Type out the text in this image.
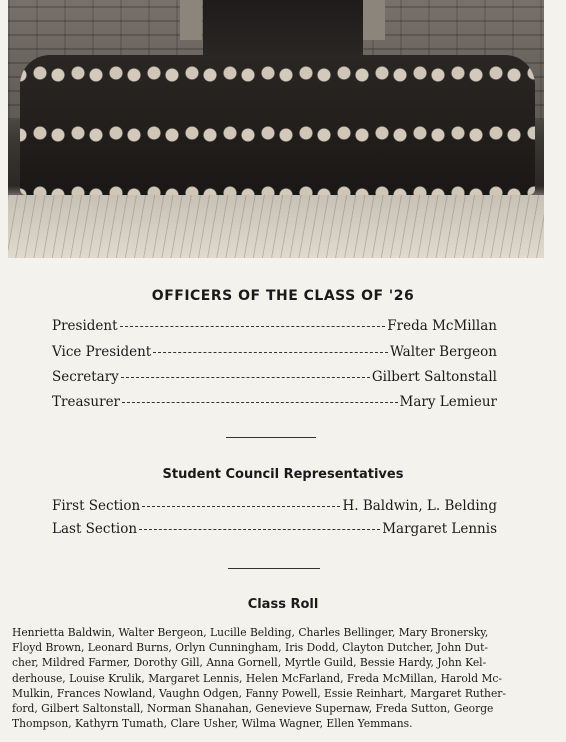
OFFICERS OF THE CLASS OF '26
President	Freda McMillan
Vice President	Walter Bergeon
Secretary	Gilbert Saltonstall
Treasurer	Mary Lemieur
Student Council Representatives
First Section	H. Baldwin, L. Belding
Last Section	Margaret Lennis
Class Roll
Henrietta Baldwin, Walter Bergeon, Lucille Belding, Charles Bellinger, Mary Bronersky,
Floyd Brown, Leonard Burns, Orlyn Cunningham, Iris Dodd, Clayton Dutcher, John Dut-
cher, Mildred Farmer, Dorothy Gill, Anna Gornell, Myrtle Guild, Bessie Hardy, John Kel-
derhouse, Louise Krulik, Margaret Lennis, Helen McFarland, Freda McMillan, Harold Mc-
Mulkin, Frances Nowland, Vaughn Odgen, Fanny Powell, Essie Reinhart, Margaret Ruther-
ford, Gilbert Saltonstall, Norman Shanahan, Genevieve Supernaw, Freda Sutton, George
Thompson, Kathyrn Tumath, Clare Usher, Wilma Wagner, Ellen Yemmans.
